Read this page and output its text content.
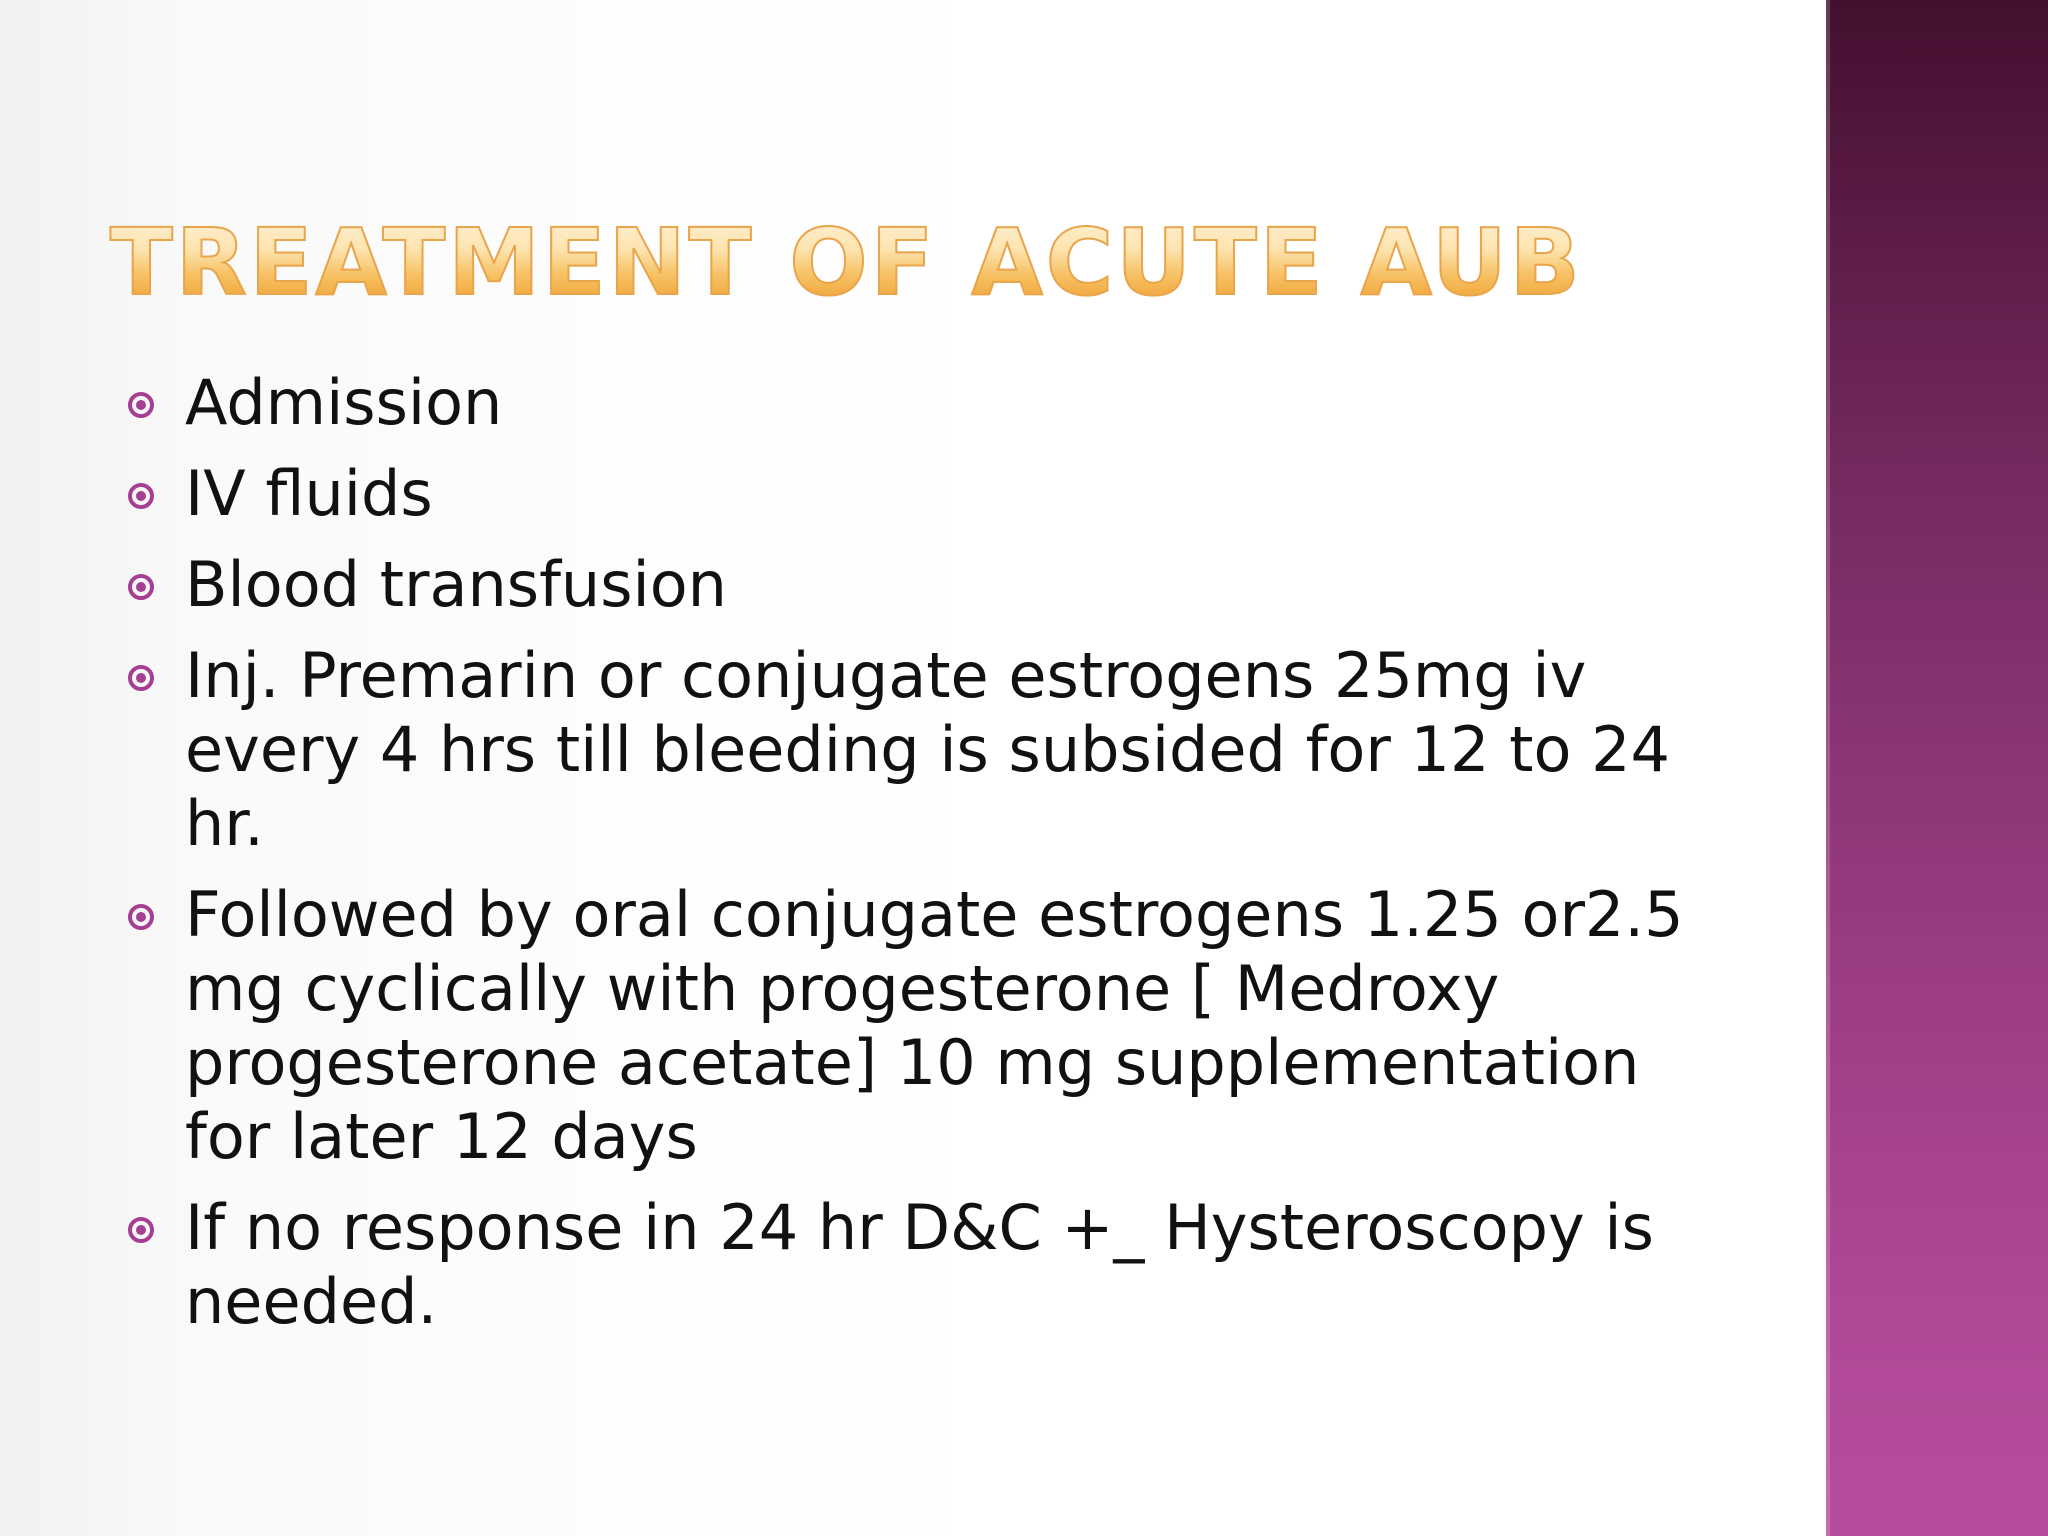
TREATMENT OF ACUTE AUB
Admission
IV fluids
Blood transfusion
Inj. Premarin or conjugate estrogens 25mg iv every 4 hrs till bleeding is subsided for 12 to 24 hr.
Followed by oral conjugate estrogens 1.25 or2.5 mg cyclically with progesterone [ Medroxy progesterone acetate] 10 mg supplementation for later 12 days
If no response in 24 hr D&C +_ Hysteroscopy is needed.
